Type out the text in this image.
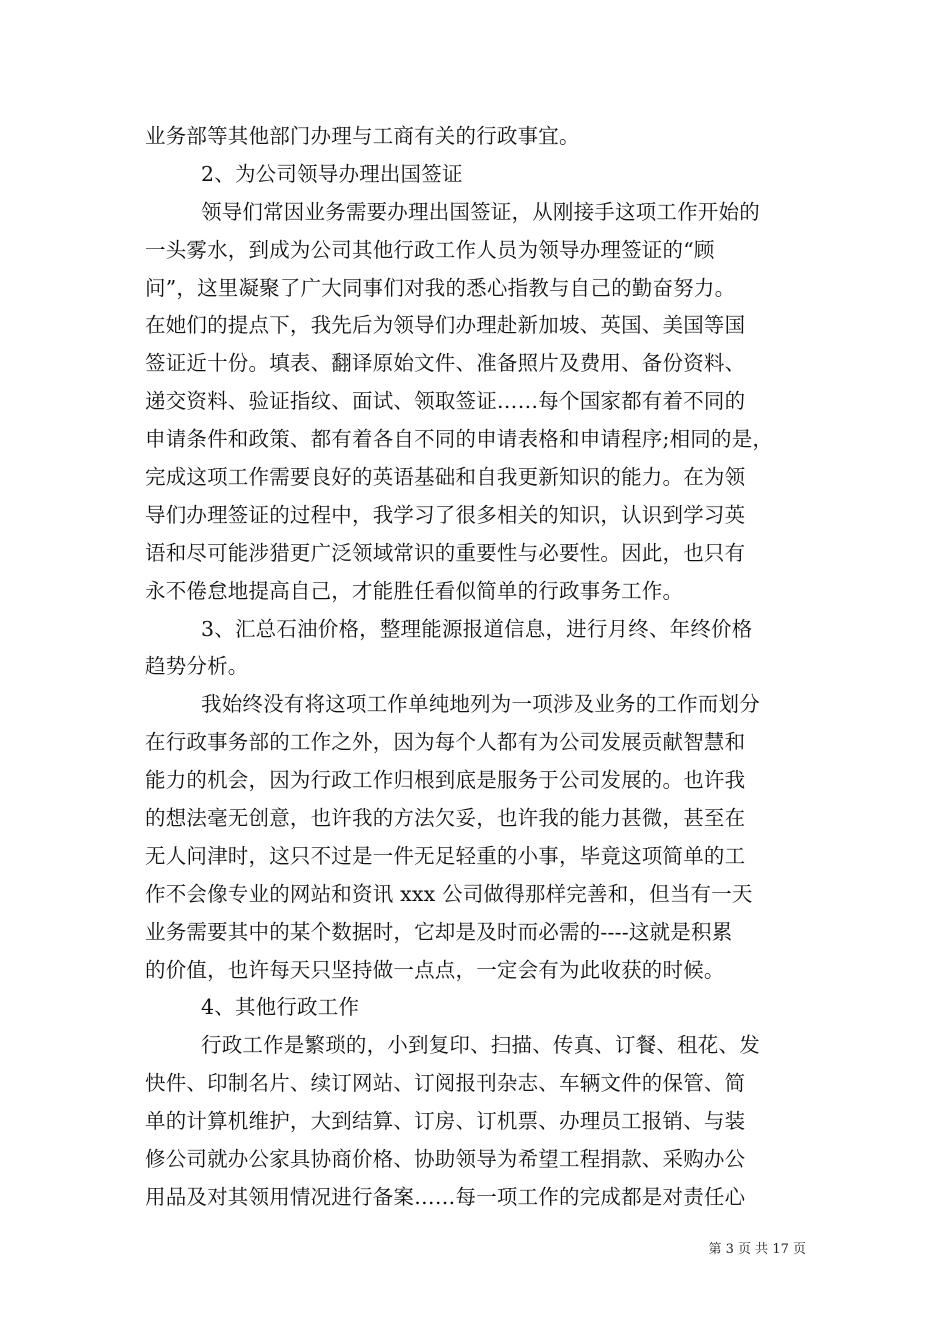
业务部等其他部门办理与工商有关的行政事宜。
2、为公司领导办理出国签证
领导们常因业务需要办理出国签证，从刚接手这项工作开始的
一头雾水，到成为公司其他行政工作人员为领导办理签证的“顾
问”，这里凝聚了广大同事们对我的悉心指教与自己的勤奋努力。
在她们的提点下，我先后为领导们办理赴新加坡、英国、美国等国
签证近十份。填表、翻译原始文件、准备照片及费用、备份资料、
递交资料、验证指纹、面试、领取签证……每个国家都有着不同的
申请条件和政策、都有着各自不同的申请表格和申请程序;相同的是，
完成这项工作需要良好的英语基础和自我更新知识的能力。在为领
导们办理签证的过程中，我学习了很多相关的知识，认识到学习英
语和尽可能涉猎更广泛领域常识的重要性与必要性。因此，也只有
永不倦怠地提高自己，才能胜任看似简单的行政事务工作。
3、汇总石油价格，整理能源报道信息，进行月终、年终价格
趋势分析。
我始终没有将这项工作单纯地列为一项涉及业务的工作而划分
在行政事务部的工作之外，因为每个人都有为公司发展贡献智慧和
能力的机会，因为行政工作归根到底是服务于公司发展的。也许我
的想法毫无创意，也许我的方法欠妥，也许我的能力甚微，甚至在
无人问津时，这只不过是一件无足轻重的小事，毕竟这项简单的工
作不会像专业的网站和资讯 xxx 公司做得那样完善和，但当有一天
业务需要其中的某个数据时，它却是及时而必需的----这就是积累
的价值，也许每天只坚持做一点点，一定会有为此收获的时候。
4、其他行政工作
行政工作是繁琐的，小到复印、扫描、传真、订餐、租花、发
快件、印制名片、续订网站、订阅报刊杂志、车辆文件的保管、简
单的计算机维护，大到结算、订房、订机票、办理员工报销、与装
修公司就办公家具协商价格、协助领导为希望工程捐款、采购办公
用品及对其领用情况进行备案……每一项工作的完成都是对责任心
第 3 页 共 17 页
